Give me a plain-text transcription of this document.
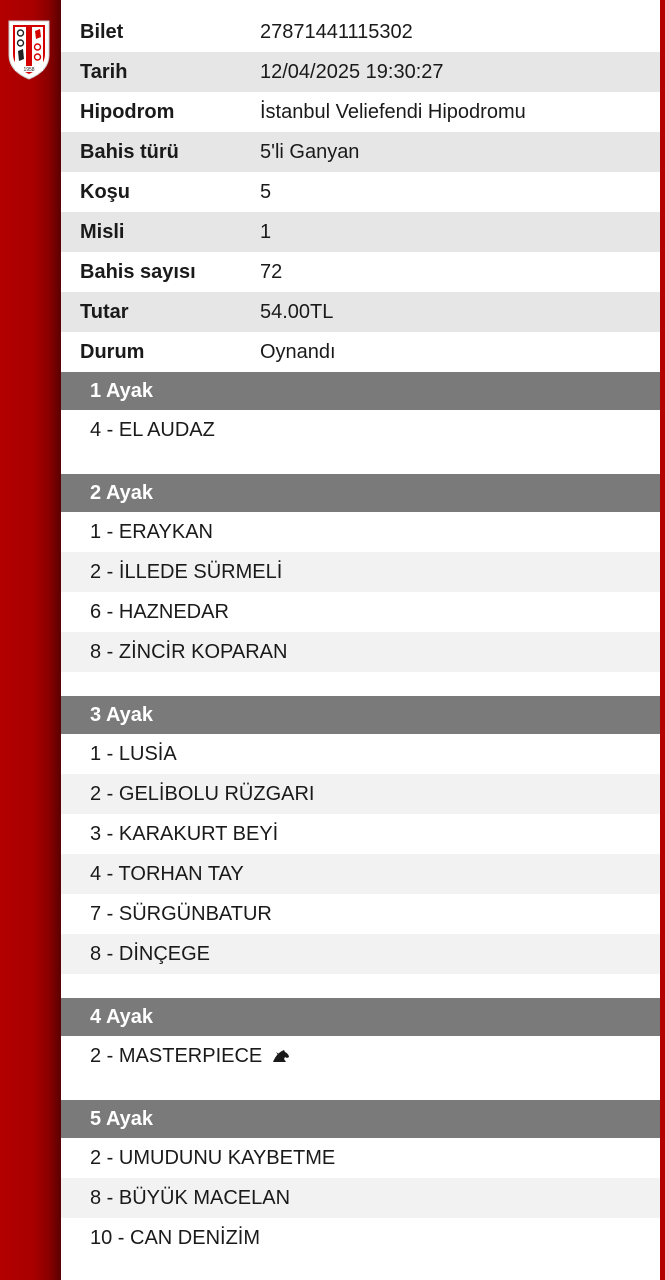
1958
Bilet	27871441115302
Tarih	12/04/2025 19:30:27
Hipodrom	İstanbul Veliefendi Hipodromu
Bahis türü	5'li Ganyan
Koşu	5
Misli	1
Bahis sayısı	72
Tutar	54.00TL
Durum	Oynandı
1 Ayak
4 - EL AUDAZ
2 Ayak
1 - ERAYKAN
2 - İLLEDE SÜRMELİ
6 - HAZNEDAR
8 - ZİNCİR KOPARAN
3 Ayak
1 - LUSİA
2 - GELİBOLU RÜZGARI
3 - KARAKURT BEYİ
4 - TORHAN TAY
7 - SÜRGÜNBATUR
8 - DİNÇEGE
4 Ayak
2 - MASTERPIECE
5 Ayak
2 - UMUDUNU KAYBETME
8 - BÜYÜK MACELAN
10 - CAN DENİZİM
